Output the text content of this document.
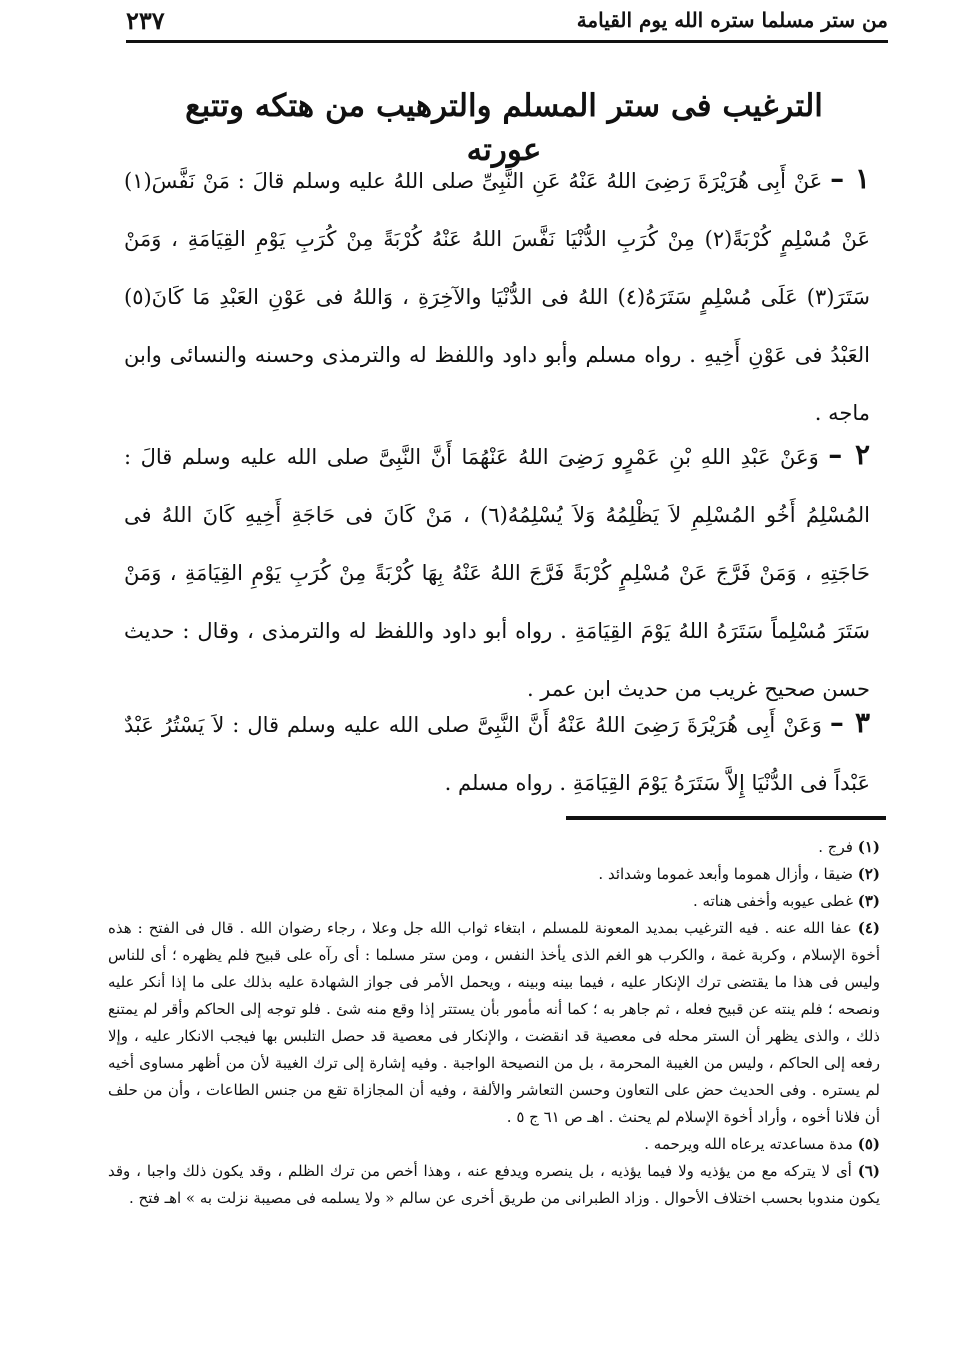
من ستر مسلما ستره الله يوم القيامة
٢٣٧
الترغيب فى ستر المسلم والترهيب من هتكه وتتبع عورته

١ – عَنْ أَبِى هُرَيْرَةَ رَضِىَ اللهُ عَنْهُ عَنِ النَّبِىِّ صلى اللهُ عليه وسلم قالَ : مَنْ نَفَّسَ(١) عَنْ مُسْلِمٍ كُرْبَةً(٢) مِنْ كُرَبِ الدُّنْيَا نَفَّسَ اللهُ عَنْهُ كُرْبَةً مِنْ كُرَبِ يَوْمِ القِيَامَةِ ، وَمَنْ سَتَرَ(٣) عَلَى مُسْلِمٍ سَتَرَهُ(٤) اللهُ فى الدُّنْيَا والآخِرَةِ ، وَاللهُ فى عَوْنِ العَبْدِ مَا كَانَ(٥) العَبْدُ فى عَوْنِ أَخِيهِ . رواه مسلم وأبو داود واللفظ له والترمذى وحسنه والنسائى وابن ماجه .

٢ – وَعَنْ عَبْدِ اللهِ بْنِ عَمْرٍو رَضِىَ اللهُ عَنْهُمَا أَنَّ النَّبِىَّ صلى الله عليه وسلم قالَ : المُسْلِمُ أَخُو المُسْلِمِ لاَ يَظْلِمُهُ وَلاَ يُسْلِمُهُ(٦) ، مَنْ كَانَ فى حَاجَةِ أَخِيهِ كَانَ اللهُ فى حَاجَتِهِ ، وَمَنْ فَرَّجَ عَنْ مُسْلِمٍ كُرْبَةً فَرَّجَ اللهُ عَنْهُ بِهَا كُرْبَةً مِنْ كُرَبِ يَوْمِ القِيَامَةِ ، وَمَنْ سَتَرَ مُسْلِماً سَتَرَهُ اللهُ يَوْمَ القِيَامَةِ . رواه أبو داود واللفظ له والترمذى ، وقال : حديث حسن صحيح غريب من حديث ابن عمر .

٣ – وَعَنْ أَبِى هُرَيْرَةَ رَضِىَ اللهُ عَنْهُ أَنَّ النَّبِىَّ صلى الله عليه وسلم قال : لاَ يَسْتُرُ عَبْدٌ عَبْداً فى الدُّنْيَا إِلاَّ سَتَرَهُ يَوْمَ القِيَامَةِ . رواه مسلم .

(١) فرج .

(٢) ضيقا ، وأزال هموما وأبعد غموما وشدائد .

(٣) غطى عيوبه وأخفى هناته .

(٤) عفا الله عنه . فيه الترغيب بمديد المعونة للمسلم ، ابتغاء ثواب الله جل وعلا ، رجاء رضوان الله . قال فى الفتح : هذه أخوة الإسلام ، وكربة غمة ، والكرب هو الغم الذى يأخذ النفس ، ومن ستر مسلما : أى رآه على قبيح فلم يظهره ؛ أى للناس وليس فى هذا ما يقتضى ترك الإنكار عليه ، فيما بينه وبينه ، ويحمل الأمر فى جواز الشهادة عليه بذلك على ما إذا أنكر عليه ونصحه ؛ فلم ينته عن قبيح فعله ، ثم جاهر به ؛ كما أنه مأمور بأن يستتر إذا وقع منه شئ . فلو توجه إلى الحاكم وأقر لم يمتنع ذلك ، والذى يظهر أن الستر محله فى معصية قد انقضت ، والإنكار فى معصية قد حصل التلبس بها فيجب الانكار عليه ، وإلا رفعه إلى الحاكم ، وليس من الغيبة المحرمة ، بل من النصيحة الواجبة . وفيه إشارة إلى ترك الغيبة لأن من أظهر مساوى أخيه لم يستره . وفى الحديث حض على التعاون وحسن التعاشر والألفة ، وفيه أن المجازاة تقع من جنس الطاعات ، وأن من حلف أن فلانا أخوه ، وأراد أخوة الإسلام لم يحنث . اهـ ص ٦١ ج ٥ .

(٥) مدة مساعدته يرعاه الله ويرحمه .

(٦) أى لا يتركه مع من يؤذيه ولا فيما يؤذيه ، بل ينصره ويدفع عنه ، وهذا أخص من ترك الظلم ، وقد يكون ذلك واجبا ، وقد يكون مندوبا بحسب اختلاف الأحوال . وزاد الطبرانى من طريق أخرى عن سالم « ولا يسلمه فى مصيبة نزلت به » اهـ فتح .
